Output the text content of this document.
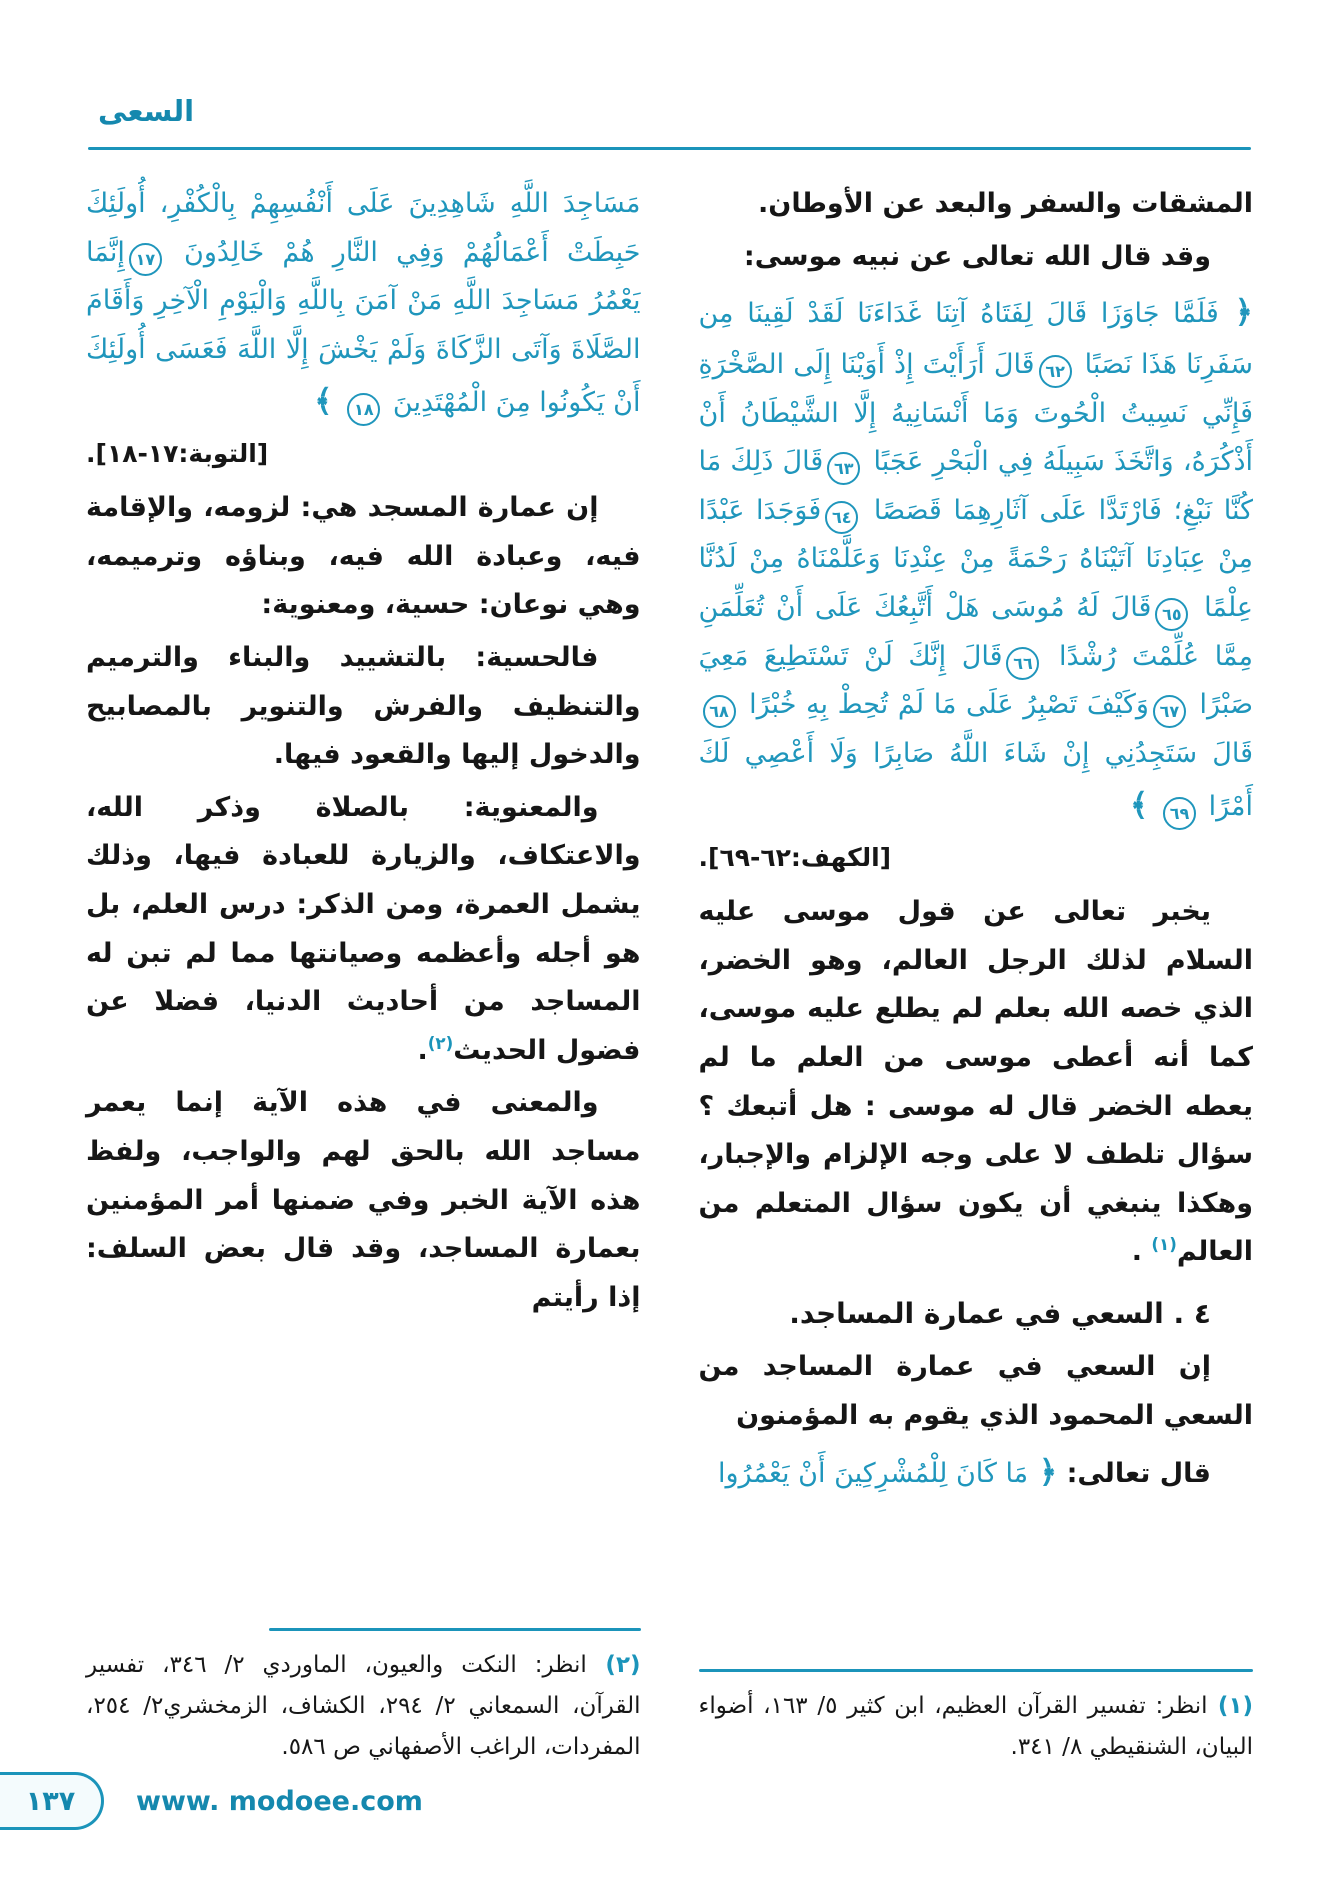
السعى

المشقات والسفر والبعد عن الأوطان.

وقد قال الله تعالى عن نبيه موسى:

﴿ فَلَمَّا جَاوَزَا قَالَ لِفَتَاهُ آتِنَا غَدَاءَنَا لَقَدْ لَقِينَا مِن سَفَرِنَا هَذَا نَصَبًا ٦٢قَالَ أَرَأَيْتَ إِذْ أَوَيْنَا إِلَى الصَّخْرَةِ فَإِنِّي نَسِيتُ الْحُوتَ وَمَا أَنْسَانِيهُ إِلَّا الشَّيْطَانُ أَنْ أَذْكُرَهُ، وَاتَّخَذَ سَبِيلَهُ فِي الْبَحْرِ عَجَبًا ٦٣قَالَ ذَلِكَ مَا كُنَّا نَبْغِ؛ فَارْتَدَّا عَلَى آثَارِهِمَا قَصَصًا ٦٤فَوَجَدَا عَبْدًا مِنْ عِبَادِنَا آتَيْنَاهُ رَحْمَةً مِنْ عِنْدِنَا وَعَلَّمْنَاهُ مِنْ لَدُنَّا عِلْمًا ٦٥قَالَ لَهُ مُوسَى هَلْ أَتَّبِعُكَ عَلَى أَنْ تُعَلِّمَنِ مِمَّا عُلِّمْتَ رُشْدًا ٦٦قَالَ إِنَّكَ لَنْ تَسْتَطِيعَ مَعِيَ صَبْرًا ٦٧وَكَيْفَ تَصْبِرُ عَلَى مَا لَمْ تُحِطْ بِهِ خُبْرًا ٦٨قَالَ سَتَجِدُنِي إِنْ شَاءَ اللَّهُ صَابِرًا وَلَا أَعْصِي لَكَ أَمْرًا ٦٩ ﴾

[الكهف:٦٢-٦٩].

يخبر تعالى عن قول موسى عليه السلام لذلك الرجل العالم، وهو الخضر، الذي خصه الله بعلم لم يطلع عليه موسى، كما أنه أعطى موسى من العلم ما لم يعطه الخضر قال له موسى : هل أتبعك ؟ سؤال تلطف لا على وجه الإلزام والإجبار، وهكذا ينبغي أن يكون سؤال المتعلم من العالم$^{(١)}$ .

٤ . السعي في عمارة المساجد.

إن السعي في عمارة المساجد من السعي المحمود الذي يقوم به المؤمنون

قال تعالى: ﴿ مَا كَانَ لِلْمُشْرِكِينَ أَنْ يَعْمُرُوا

(١) انظر: تفسير القرآن العظيم، ابن كثير ٥/ ١٦٣، أضواء البيان، الشنقيطي ٨/ ٣٤١.

مَسَاجِدَ اللَّهِ شَاهِدِينَ عَلَى أَنْفُسِهِمْ بِالْكُفْرِ، أُولَئِكَ حَبِطَتْ أَعْمَالُهُمْ وَفِي النَّارِ هُمْ خَالِدُونَ ١٧إِنَّمَا يَعْمُرُ مَسَاجِدَ اللَّهِ مَنْ آمَنَ بِاللَّهِ وَالْيَوْمِ الْآخِرِ وَأَقَامَ الصَّلَاةَ وَآتَى الزَّكَاةَ وَلَمْ يَخْشَ إِلَّا اللَّهَ فَعَسَى أُولَئِكَ أَنْ يَكُونُوا مِنَ الْمُهْتَدِينَ ١٨ ﴾

[التوبة:١٧-١٨].

إن عمارة المسجد هي: لزومه، والإقامة فيه، وعبادة الله فيه، وبناؤه وترميمه، وهي نوعان: حسية، ومعنوية:

فالحسية: بالتشييد والبناء والترميم والتنظيف والفرش والتنوير بالمصابيح والدخول إليها والقعود فيها.

والمعنوية: بالصلاة وذكر الله، والاعتكاف، والزيارة للعبادة فيها، وذلك يشمل العمرة، ومن الذكر: درس العلم، بل هو أجله وأعظمه وصيانتها مما لم تبن له المساجد من أحاديث الدنيا، فضلا عن فضول الحديث$^{(٢)}$.

والمعنى في هذه الآية إنما يعمر مساجد الله بالحق لهم والواجب، ولفظ هذه الآية الخبر وفي ضمنها أمر المؤمنين بعمارة المساجد، وقد قال بعض السلف: إذا رأيتم

(٢) انظر: النكت والعيون، الماوردي ٢/ ٣٤٦، تفسير القرآن، السمعاني ٢/ ٢٩٤، الكشاف، الزمخشري٢/ ٢٥٤، المفردات، الراغب الأصفهاني ص ٥٨٦.

١٣٧	www. modoee.com
